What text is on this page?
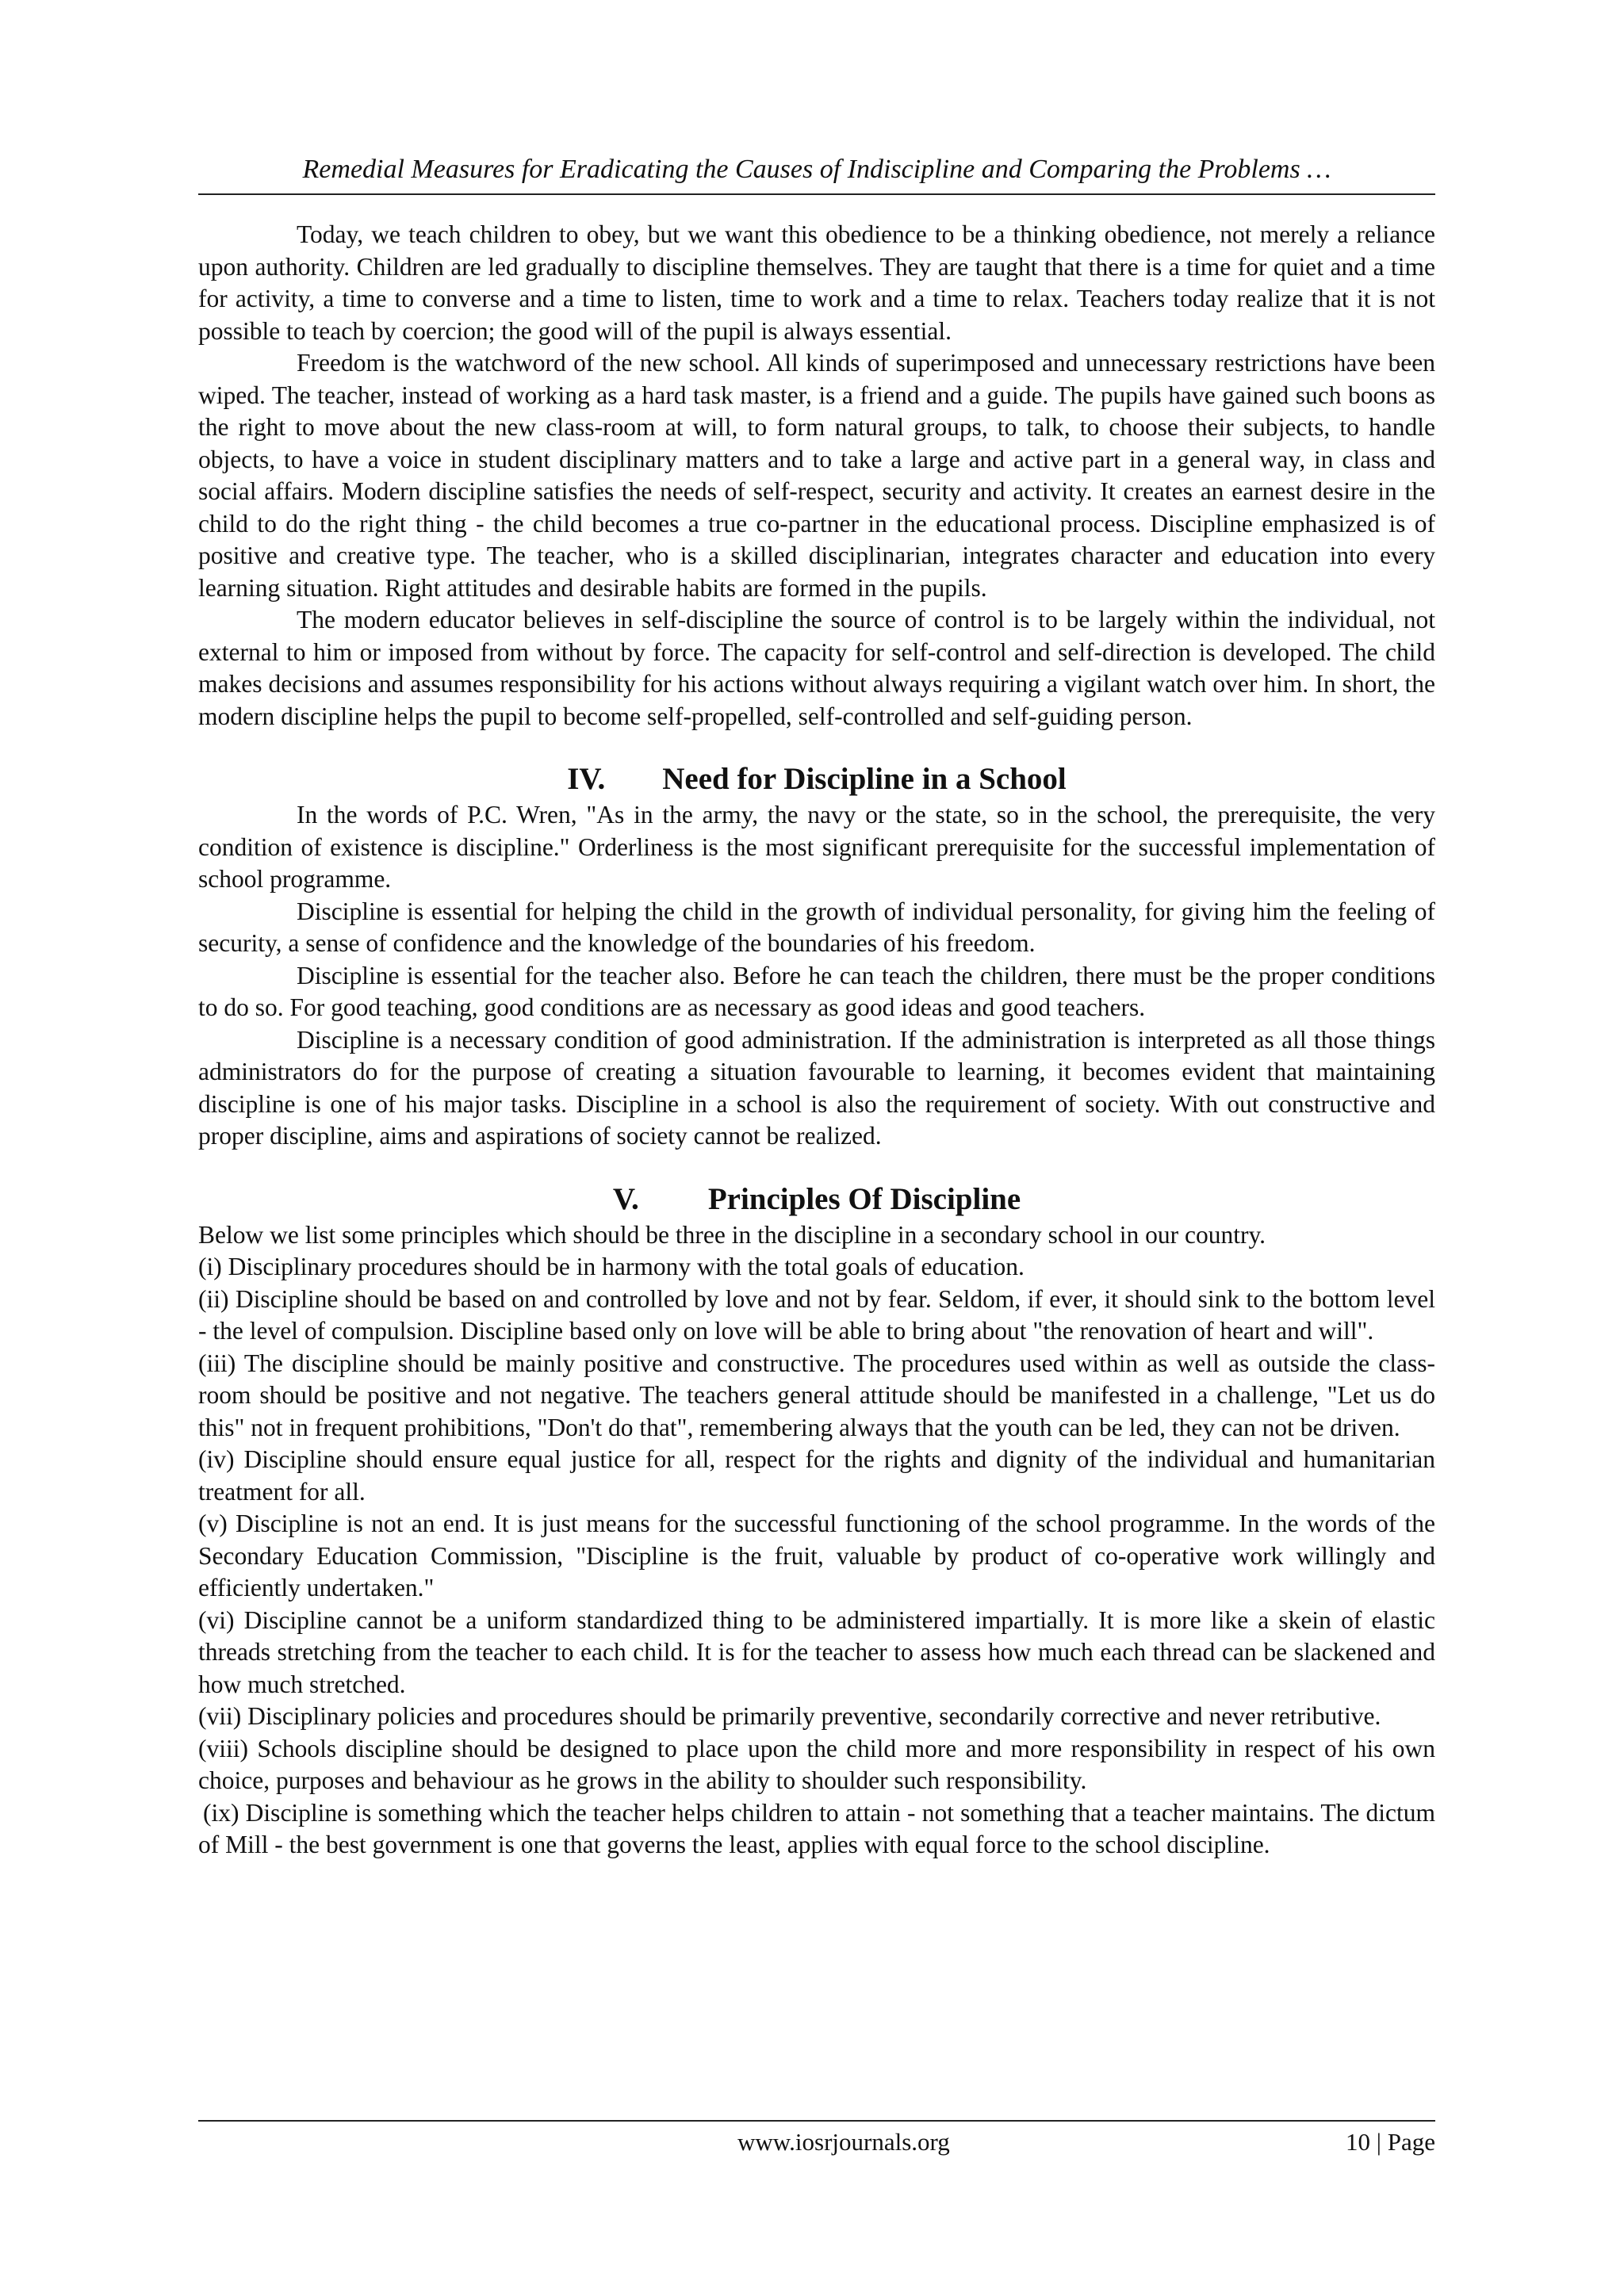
Remedial Measures for Eradicating the Causes of Indiscipline and Comparing the Problems …

Today, we teach children to obey, but we want this obedience to be a thinking obedience, not merely a reliance upon authority. Children are led gradually to discipline themselves. They are taught that there is a time for quiet and a time for activity, a time to converse and a time to listen, time to work and a time to relax. Teachers today realize that it is not possible to teach by coercion; the good will of the pupil is always essential.

Freedom is the watchword of the new school. All kinds of superimposed and unnecessary restrictions have been wiped. The teacher, instead of working as a hard task master, is a friend and a guide. The pupils have gained such boons as the right to move about the new class-room at will, to form natural groups, to talk, to choose their subjects, to handle objects, to have a voice in student disciplinary matters and to take a large and active part in a general way, in class and social affairs. Modern discipline satisfies the needs of self-respect, security and activity. It creates an earnest desire in the child to do the right thing - the child becomes a true co-partner in the educational process. Discipline emphasized is of positive and creative type. The teacher, who is a skilled disciplinarian, integrates character and education into every learning situation. Right attitudes and desirable habits are formed in the pupils.

The modern educator believes in self-discipline the source of control is to be largely within the individual, not external to him or imposed from without by force. The capacity for self-control and self-direction is developed. The child makes decisions and assumes responsibility for his actions without always requiring a vigilant watch over him. In short, the modern discipline helps the pupil to become self-propelled, self-controlled and self-guiding person.

IV. Need for Discipline in a School

In the words of P.C. Wren, "As in the army, the navy or the state, so in the school, the prerequisite, the very condition of existence is discipline." Orderliness is the most significant prerequisite for the successful implementation of school programme.

Discipline is essential for helping the child in the growth of individual personality, for giving him the feeling of security, a sense of confidence and the knowledge of the boundaries of his freedom.

Discipline is essential for the teacher also. Before he can teach the children, there must be the proper conditions to do so. For good teaching, good conditions are as necessary as good ideas and good teachers.

Discipline is a necessary condition of good administration. If the administration is interpreted as all those things administrators do for the purpose of creating a situation favourable to learning, it becomes evident that maintaining discipline is one of his major tasks. Discipline in a school is also the requirement of society. With out constructive and proper discipline, aims and aspirations of society cannot be realized.

V. Principles Of Discipline

Below we list some principles which should be three in the discipline in a secondary school in our country.

(i) Disciplinary procedures should be in harmony with the total goals of education.

(ii) Discipline should be based on and controlled by love and not by fear. Seldom, if ever, it should sink to the bottom level - the level of compulsion. Discipline based only on love will be able to bring about "the renovation of heart and will".

(iii) The discipline should be mainly positive and constructive. The procedures used within as well as outside the class-room should be positive and not negative. The teachers general attitude should be manifested in a challenge, "Let us do this" not in frequent prohibitions, "Don't do that", remembering always that the youth can be led, they can not be driven.

(iv) Discipline should ensure equal justice for all, respect for the rights and dignity of the individual and humanitarian treatment for all.

(v) Discipline is not an end. It is just means for the successful functioning of the school programme. In the words of the Secondary Education Commission, "Discipline is the fruit, valuable by product of co-operative work willingly and efficiently undertaken."

(vi) Discipline cannot be a uniform standardized thing to be administered impartially. It is more like a skein of elastic threads stretching from the teacher to each child. It is for the teacher to assess how much each thread can be slackened and how much stretched.

(vii) Disciplinary policies and procedures should be primarily preventive, secondarily corrective and never retributive.

(viii) Schools discipline should be designed to place upon the child more and more responsibility in respect of his own choice, purposes and behaviour as he grows in the ability to shoulder such responsibility.

(ix) Discipline is something which the teacher helps children to attain - not something that a teacher maintains. The dictum of Mill - the best government is one that governs the least, applies with equal force to the school discipline.

www.iosrjournals.org	10 | Page
